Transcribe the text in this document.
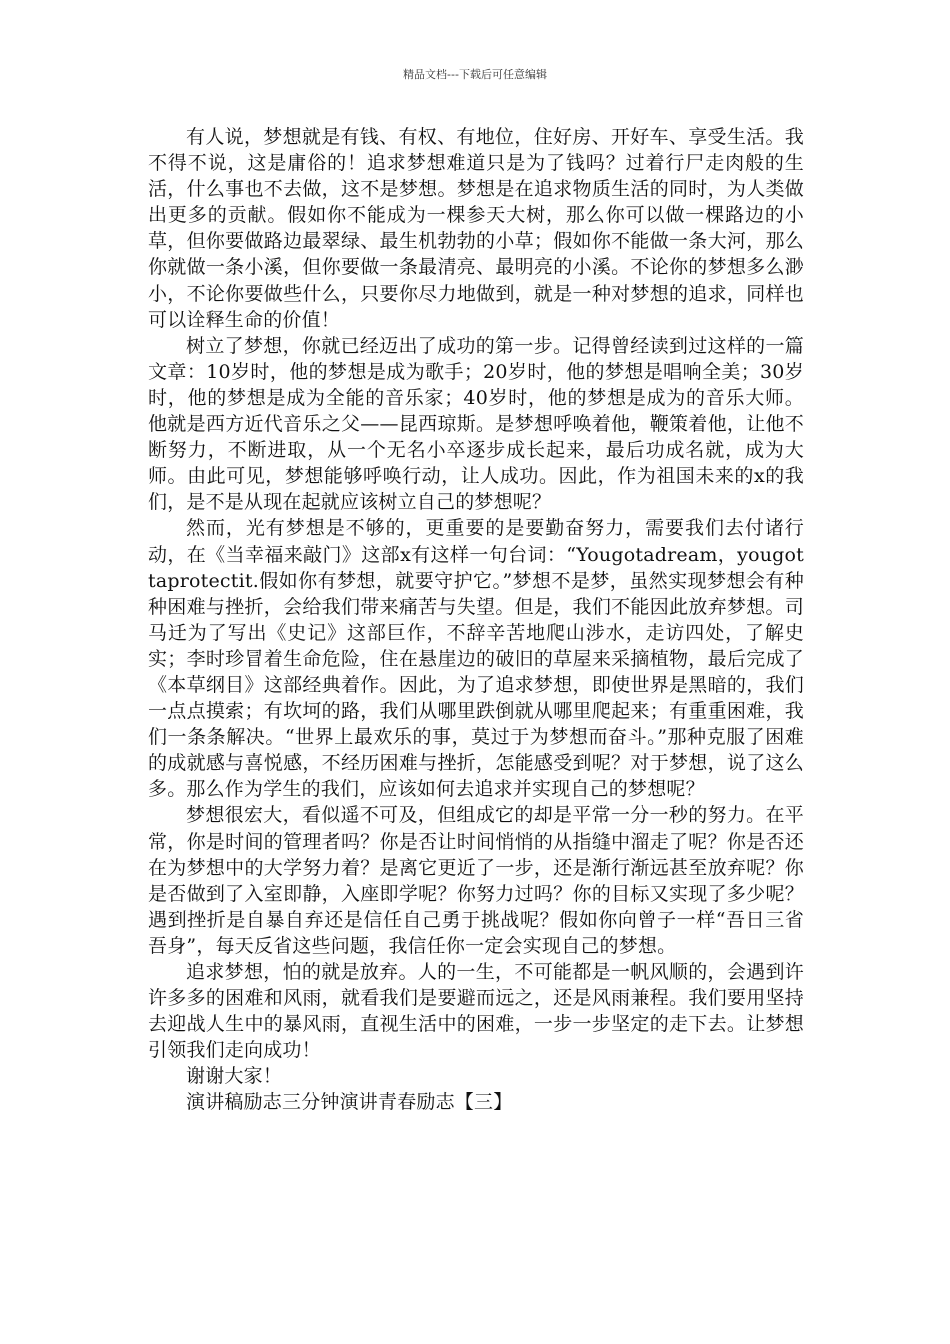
精品文档---下载后可任意编辑

有人说，梦想就是有钱、有权、有地位，住好房、开好车、享受生活。我不得不说，这是庸俗的！追求梦想难道只是为了钱吗？过着行尸走肉般的生活，什么事也不去做，这不是梦想。梦想是在追求物质生活的同时，为人类做出更多的贡献。假如你不能成为一棵参天大树，那么你可以做一棵路边的小草，但你要做路边最翠绿、最生机勃勃的小草；假如你不能做一条大河，那么你就做一条小溪，但你要做一条最清亮、最明亮的小溪。不论你的梦想多么渺小，不论你要做些什么，只要你尽力地做到，就是一种对梦想的追求，同样也可以诠释生命的价值！

树立了梦想，你就已经迈出了成功的第一步。记得曾经读到过这样的一篇文章：10岁时，他的梦想是成为歌手；20岁时，他的梦想是唱响全美；30岁时，他的梦想是成为全能的音乐家；40岁时，他的梦想是成为的音乐大师。他就是西方近代音乐之父——昆西琼斯。是梦想呼唤着他，鞭策着他，让他不断努力，不断进取，从一个无名小卒逐步成长起来，最后功成名就，成为大师。由此可见，梦想能够呼唤行动，让人成功。因此，作为祖国未来的x的我们，是不是从现在起就应该树立自己的梦想呢？

然而，光有梦想是不够的，更重要的是要勤奋努力，需要我们去付诸行动，在《当幸福来敲门》这部x有这样一句台词：“Yougotadream，yougottaprotectit.假如你有梦想，就要守护它。”梦想不是梦，虽然实现梦想会有种种困难与挫折，会给我们带来痛苦与失望。但是，我们不能因此放弃梦想。司马迁为了写出《史记》这部巨作，不辞辛苦地爬山涉水，走访四处，了解史实；李时珍冒着生命危险，住在悬崖边的破旧的草屋来采摘植物，最后完成了《本草纲目》这部经典着作。因此，为了追求梦想，即使世界是黑暗的，我们一点点摸索；有坎坷的路，我们从哪里跌倒就从哪里爬起来；有重重困难，我们一条条解决。“世界上最欢乐的事，莫过于为梦想而奋斗。”那种克服了困难的成就感与喜悦感，不经历困难与挫折，怎能感受到呢？对于梦想，说了这么多。那么作为学生的我们，应该如何去追求并实现自己的梦想呢？

梦想很宏大，看似遥不可及，但组成它的却是平常一分一秒的努力。在平常，你是时间的管理者吗？你是否让时间悄悄的从指缝中溜走了呢？你是否还在为梦想中的大学努力着？是离它更近了一步，还是渐行渐远甚至放弃呢？你是否做到了入室即静，入座即学呢？你努力过吗？你的目标又实现了多少呢？遇到挫折是自暴自弃还是信任自己勇于挑战呢？假如你向曾子一样“吾日三省吾身”，每天反省这些问题，我信任你一定会实现自己的梦想。

追求梦想，怕的就是放弃。人的一生，不可能都是一帆风顺的，会遇到许许多多的困难和风雨，就看我们是要避而远之，还是风雨兼程。我们要用坚持去迎战人生中的暴风雨，直视生活中的困难，一步一步坚定的走下去。让梦想引领我们走向成功！

谢谢大家！

演讲稿励志三分钟演讲青春励志【三】
